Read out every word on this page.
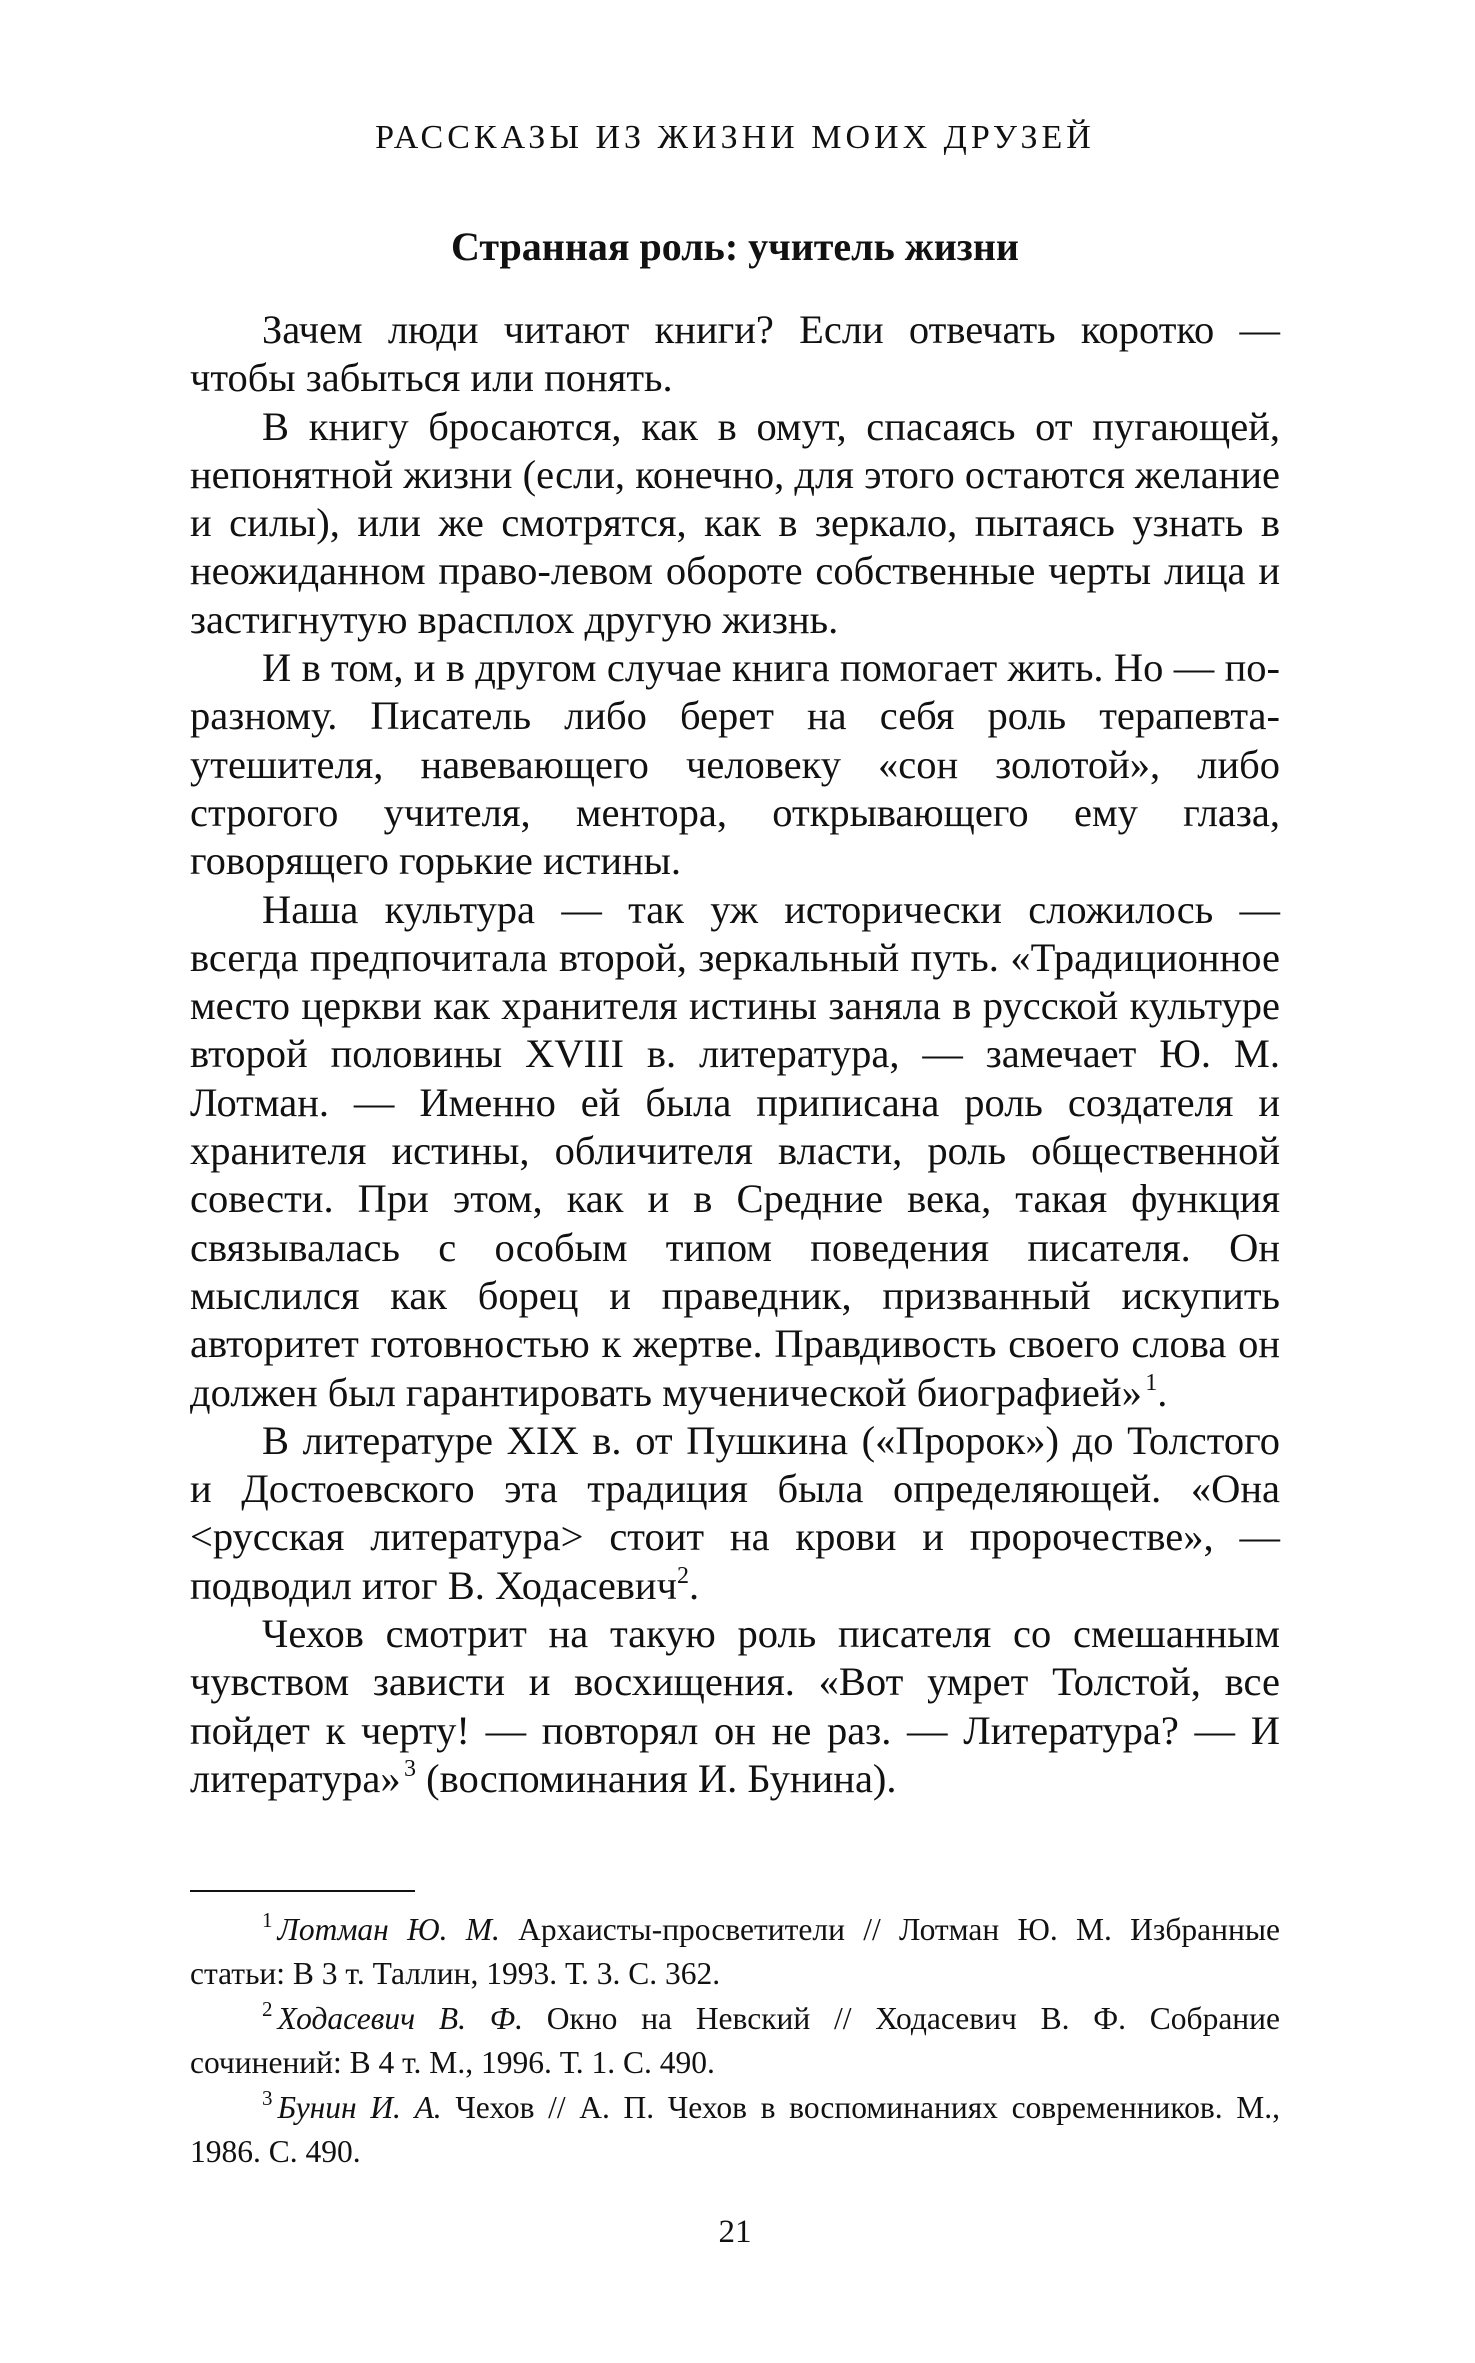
РАССКАЗЫ ИЗ ЖИЗНИ МОИХ ДРУЗЕЙ
Странная роль: учитель жизни

Зачем люди читают книги? Если отвечать коротко — чтобы забыться или понять.

В книгу бросаются, как в омут, спасаясь от пугающей, непонятной жизни (если, конечно, для этого остаются желание и силы), или же смотрятся, как в зеркало, пытаясь узнать в неожиданном право-левом обороте собственные черты лица и застигнутую врасплох другую жизнь.

И в том, и в другом случае книга помогает жить. Но — по-разному. Писатель либо берет на себя роль терапевта-утешителя, навевающего человеку «сон золотой», либо строгого учителя, ментора, открывающего ему глаза, говорящего горькие истины.

Наша культура — так уж исторически сложилось — всегда предпочитала второй, зеркальный путь. «Традиционное место церкви как хранителя истины заняла в русской культуре второй половины XVIII в. литература, — замечает Ю. М. Лотман. — Именно ей была приписана роль создателя и хранителя истины, обличителя власти, роль общественной совести. При этом, как и в Средние века, такая функция связывалась с особым типом поведения писателя. Он мыслился как борец и праведник, призванный искупить авторитет готовностью к жертве. Правдивость своего слова он должен был гарантировать мученической биографией»  $^1$.

В литературе XIX в. от Пушкина («Пророк») до Толстого и Достоевского эта традиция была определяющей. «Она <русская литература> стоит на крови и пророчестве», — подводил итог В. Ходасевич$^2$.

Чехов смотрит на такую роль писателя со смешанным чувством зависти и восхищения. «Вот умрет Толстой, все пойдет к черту! — повторял он не раз. — Литература? — И литература»  $^3$ (воспоминания И. Бунина).

$^1$ Лотман Ю. М. Архаисты-просветители // Лотман Ю. М. Избранные статьи: В 3 т. Таллин, 1993. Т. 3. С. 362.

$^2$ Ходасевич В. Ф. Окно на Невский // Ходасевич В. Ф. Собрание сочинений: В 4 т. М., 1996. Т. 1. С. 490.

$^3$ Бунин И. А. Чехов // А. П. Чехов в воспоминаниях современников. М., 1986. С. 490.

21
